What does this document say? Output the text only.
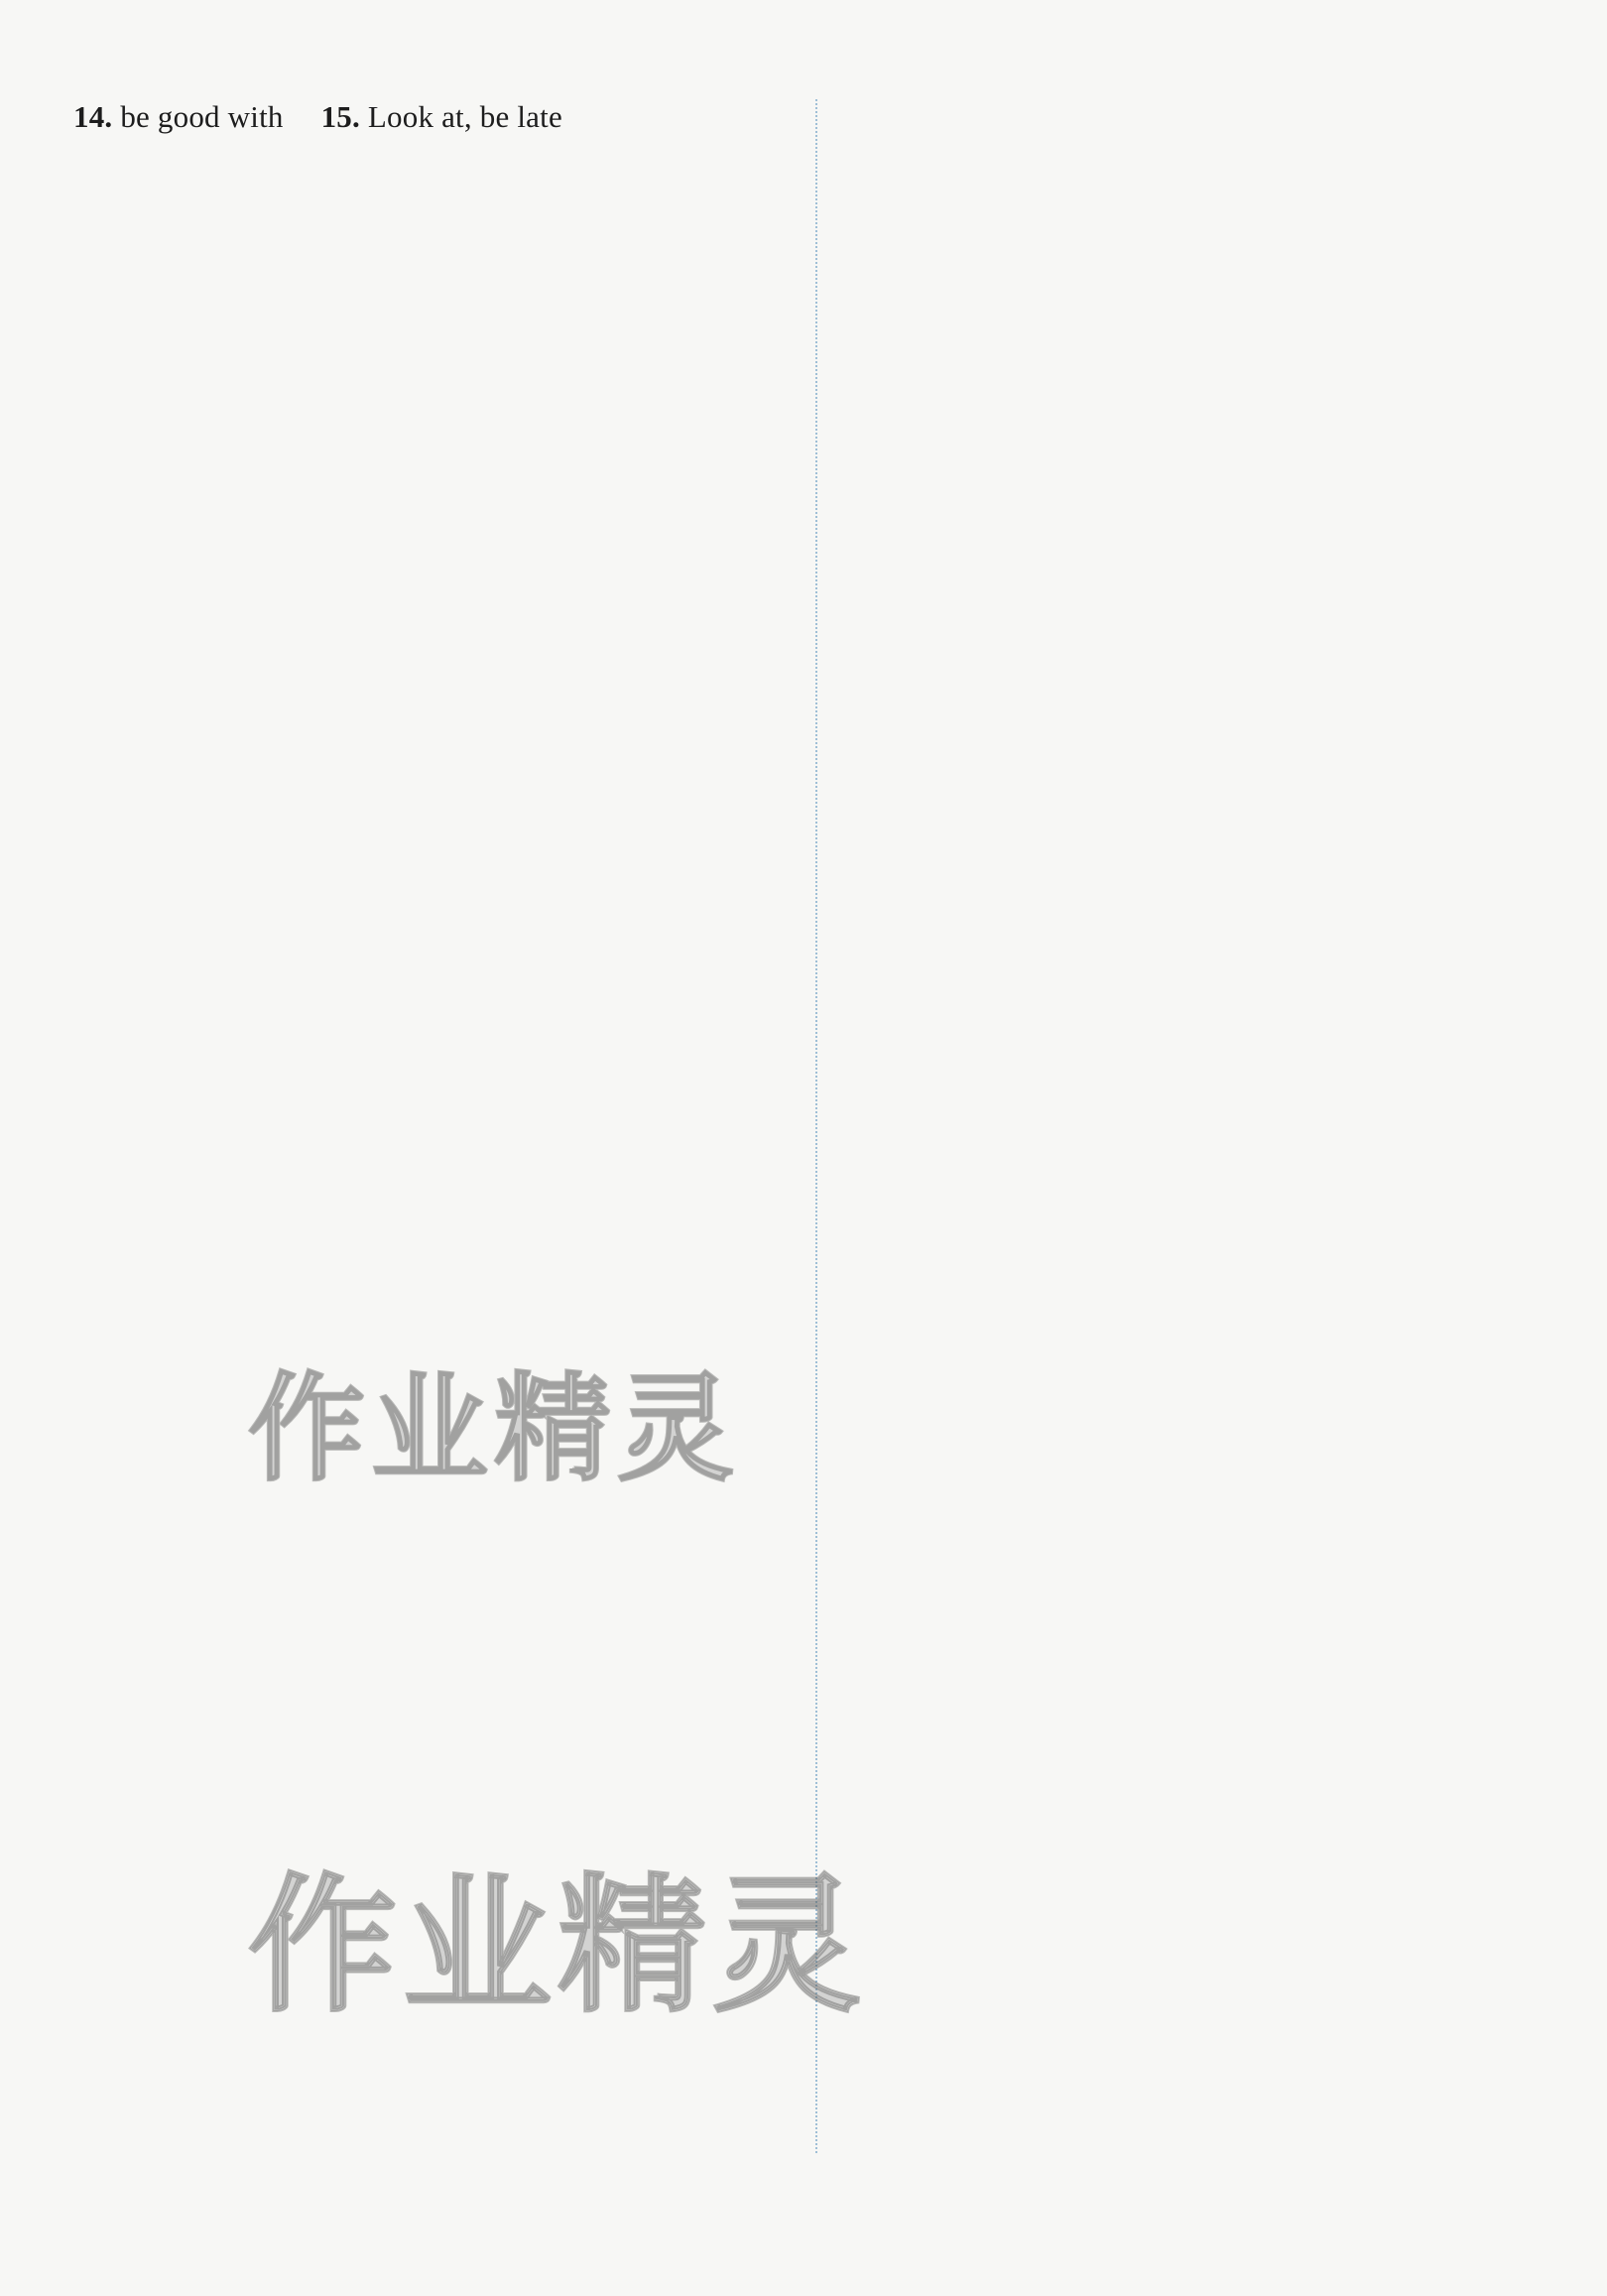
14. be good with 15. Look at, be late
作业精灵
作业精灵
